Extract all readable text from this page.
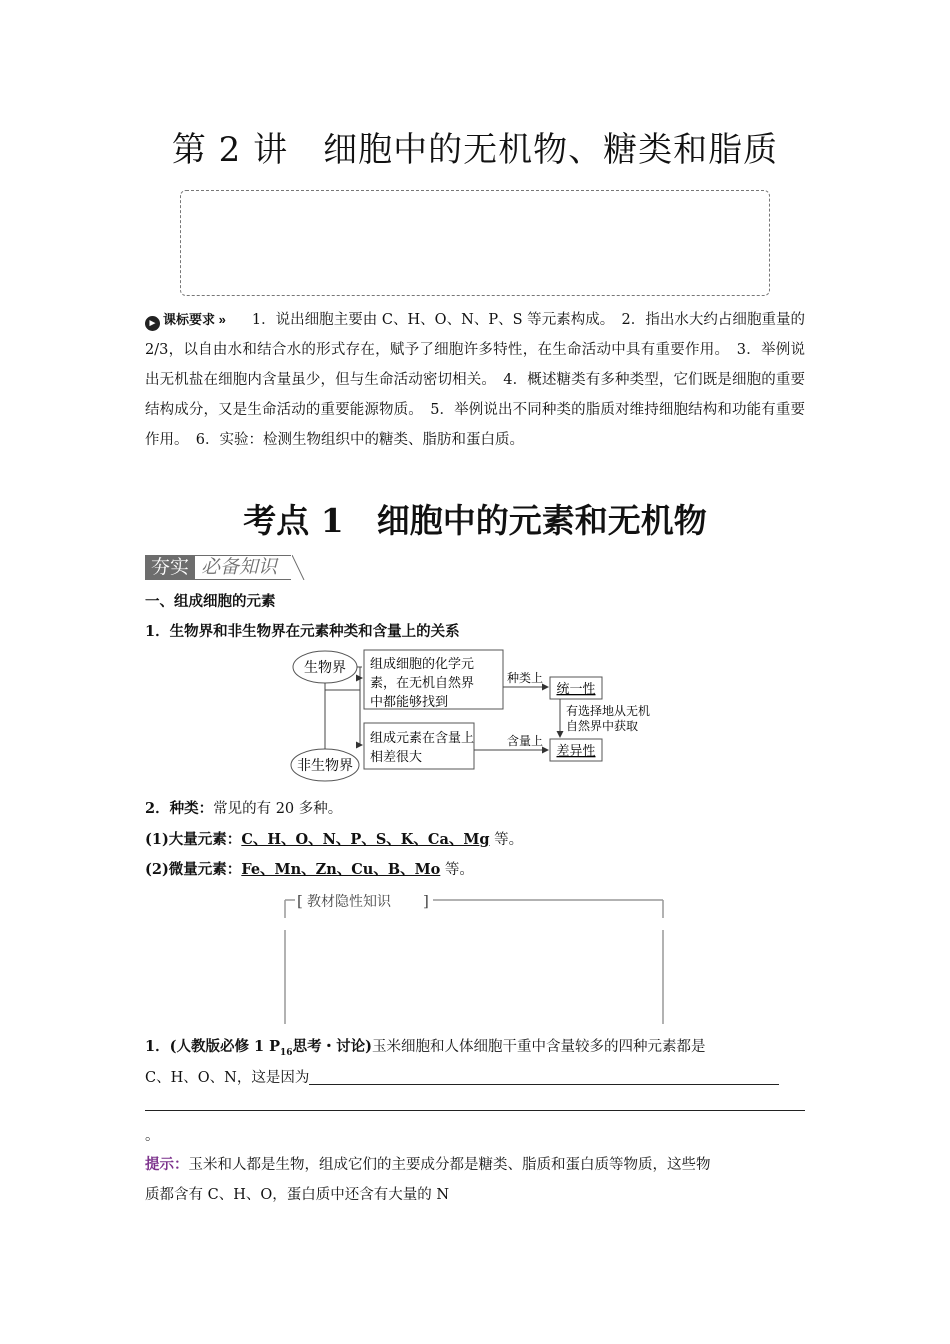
第 2 讲　细胞中的无机物、糖类和脂质
► 课标要求 » 1．说出细胞主要由 C、H、O、N、P、S 等元素构成。　2．指出水大约占细胞重量的 2/3，以自由水和结合水的形式存在，赋予了细胞许多特性，在生命活动中具有重要作用。　3．举例说出无机盐在细胞内含量虽少，但与生命活动密切相关。　4．概述糖类有多种类型，它们既是细胞的重要结构成分，又是生命活动的重要能源物质。　5．举例说出不同种类的脂质对维持细胞结构和功能有重要作用。　6．实验：检测生物组织中的糖类、脂肪和蛋白质。
考点 1　细胞中的元素和无机物
夯实 必备知识
一、组成细胞的元素
1．生物界和非生物界在元素种类和含量上的关系
生物界
非生物界
组成细胞的化学元
素，在无机自然界
中都能够找到
组成元素在含量上
相差很大
种类上
含量上
统一性
差异性
有选择地从无机
自然界中获取
2．种类：常见的有 20 多种。
(1)大量元素：C、H、O、N、P、S、K、Ca、Mg 等。
(2)微量元素：Fe、Mn、Zn、Cu、B、Mo 等。
[ 教材隐性知识 ]
1．(人教版必修 1 $P_{16}$思考・讨论)玉米细胞和人体细胞干重中含量较多的四种元素都是
C、H、O、N，这是因为
。
提示：玉米和人都是生物，组成它们的主要成分都是糖类、脂质和蛋白质等物质，这些物
质都含有 C、H、O，蛋白质中还含有大量的 N
